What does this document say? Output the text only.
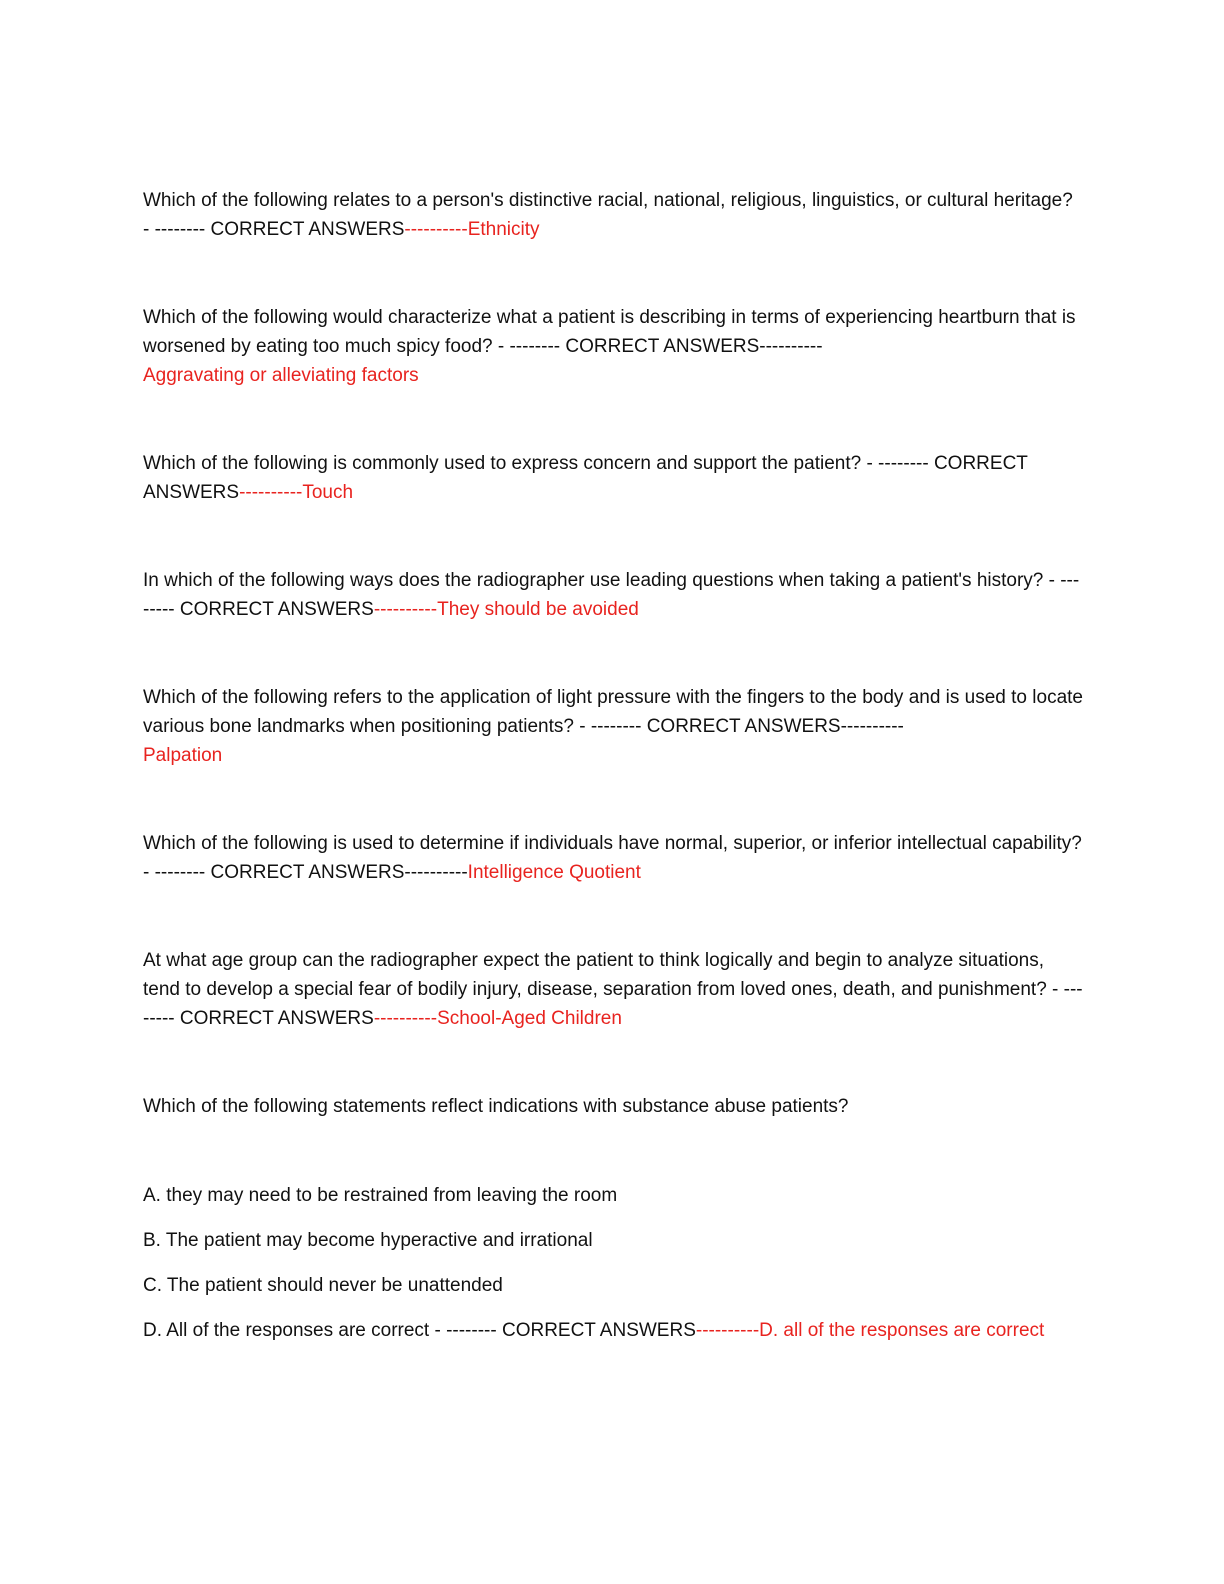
Which of the following relates to a person's distinctive racial, national, religious, linguistics, or cultural heritage? - -------- CORRECT ANSWERS----------Ethnicity

Which of the following would characterize what a patient is describing in terms of experiencing heartburn that is worsened by eating too much spicy food? - -------- CORRECT ANSWERS----------
Aggravating or alleviating factors

Which of the following is commonly used to express concern and support the patient? - -------- CORRECT ANSWERS----------Touch

In which of the following ways does the radiographer use leading questions when taking a patient's history? - -------- CORRECT ANSWERS----------They should be avoided

Which of the following refers to the application of light pressure with the fingers to the body and is used to locate various bone landmarks when positioning patients? - -------- CORRECT ANSWERS----------
Palpation

Which of the following is used to determine if individuals have normal, superior, or inferior intellectual capability? - -------- CORRECT ANSWERS----------Intelligence Quotient

At what age group can the radiographer expect the patient to think logically and begin to analyze situations, tend to develop a special fear of bodily injury, disease, separation from loved ones, death, and punishment? - -------- CORRECT ANSWERS----------School-Aged Children

Which of the following statements reflect indications with substance abuse patients?

A. they may need to be restrained from leaving the room

B. The patient may become hyperactive and irrational

C. The patient should never be unattended

D. All of the responses are correct - -------- CORRECT ANSWERS----------D. all of the responses are correct
